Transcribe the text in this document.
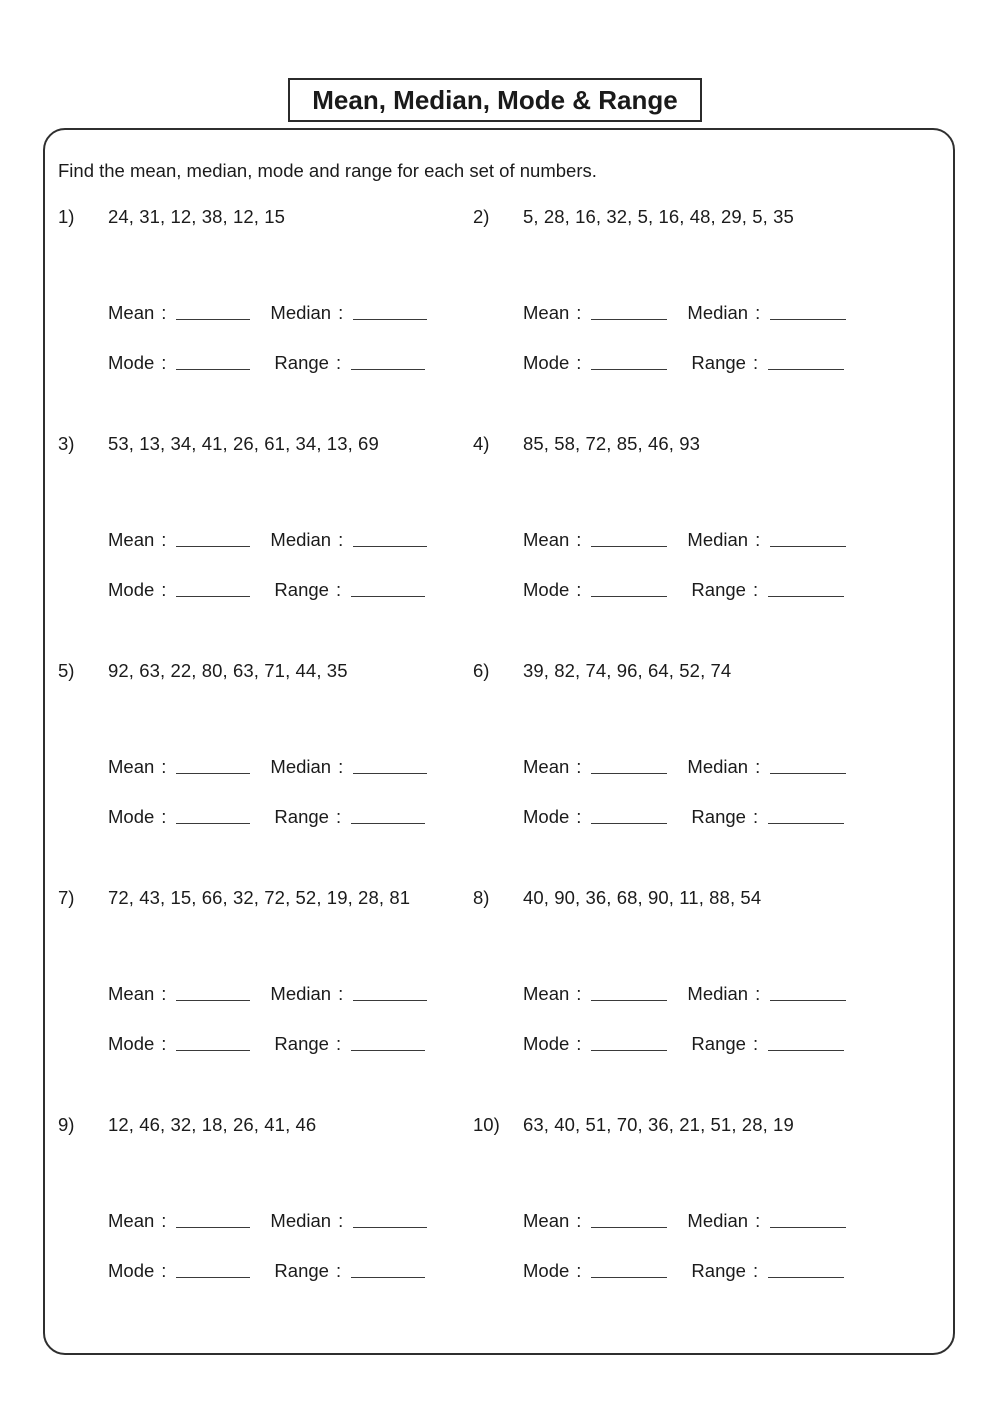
Mean, Median, Mode & Range
Find the mean, median, mode and range for each set of numbers.
1)	24, 31, 12, 38, 12, 15
Mean :	Median :
Mode :	Range :
2)	5, 28, 16, 32, 5, 16, 48, 29, 5, 35
Mean :	Median :
Mode :	Range :
3)	53, 13, 34, 41, 26, 61, 34, 13, 69
Mean :	Median :
Mode :	Range :
4)	85, 58, 72, 85, 46, 93
Mean :	Median :
Mode :	Range :
5)	92, 63, 22, 80, 63, 71, 44, 35
Mean :	Median :
Mode :	Range :
6)	39, 82, 74, 96, 64, 52, 74
Mean :	Median :
Mode :	Range :
7)	72, 43, 15, 66, 32, 72, 52, 19, 28, 81
Mean :	Median :
Mode :	Range :
8)	40, 90, 36, 68, 90, 11, 88, 54
Mean :	Median :
Mode :	Range :
9)	12, 46, 32, 18, 26, 41, 46
Mean :	Median :
Mode :	Range :
10)	63, 40, 51, 70, 36, 21, 51, 28, 19
Mean :	Median :
Mode :	Range :
